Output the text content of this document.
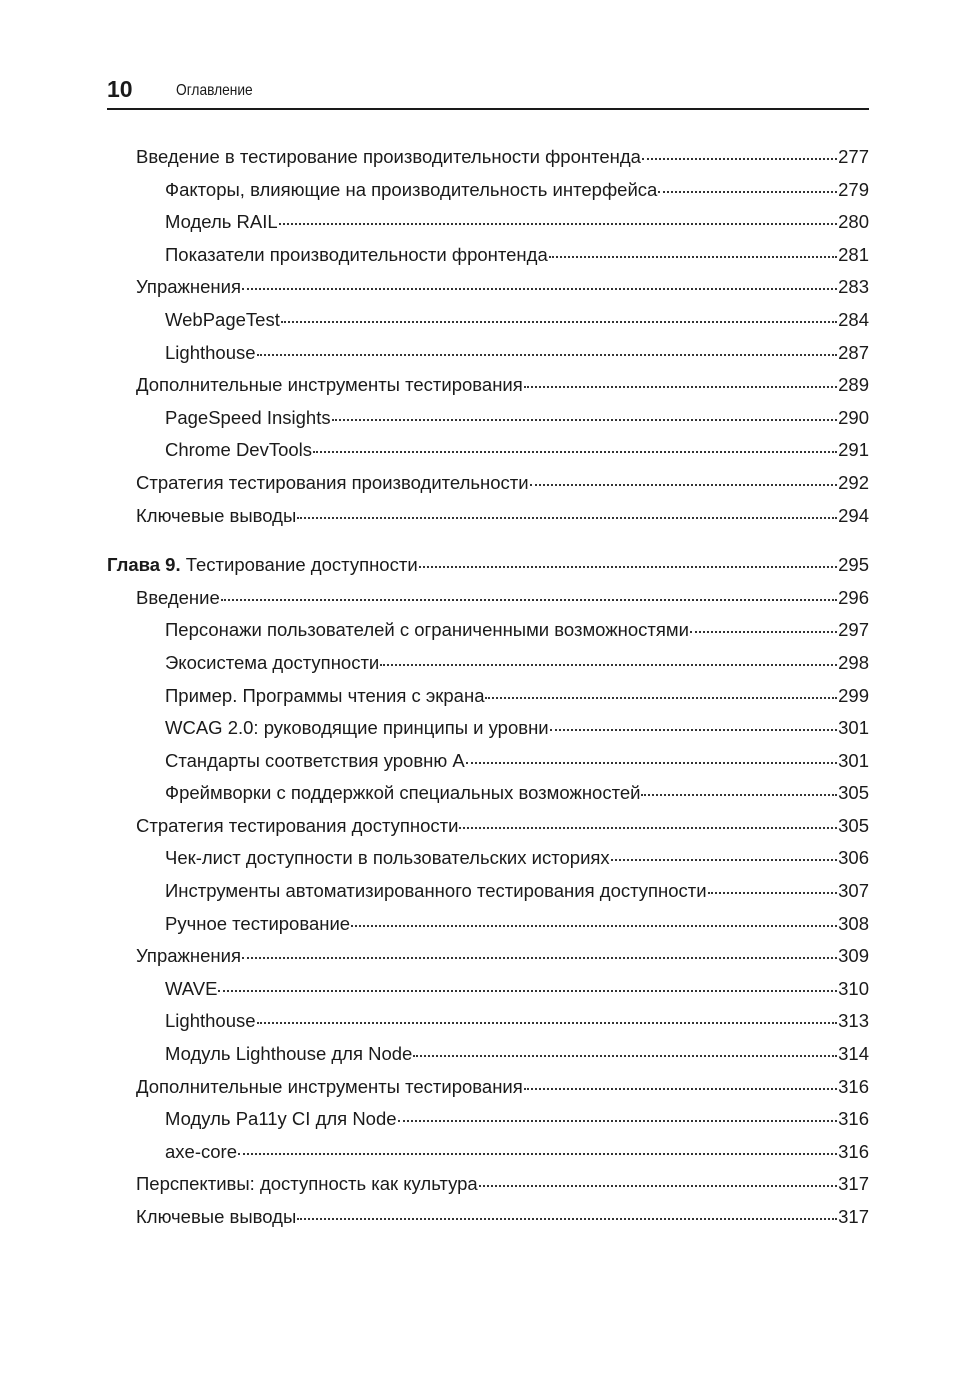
10	Оглавление
Введение в тестирование производительности фронтенда	277
Факторы, влияющие на производительность интерфейса	279
Модель RAIL	280
Показатели производительности фронтенда	281
Упражнения	283
WebPageTest	284
Lighthouse	287
Дополнительные инструменты тестирования	289
PageSpeed Insights	290
Chrome DevTools	291
Стратегия тестирования производительности	292
Ключевые выводы	294
Глава 9. Тестирование доступности	295
Введение	296
Персонажи пользователей с ограниченными возможностями	297
Экосистема доступности	298
Пример. Программы чтения с экрана	299
WCAG 2.0: руководящие принципы и уровни	301
Стандарты соответствия уровню А	301
Фреймворки с поддержкой специальных возможностей	305
Стратегия тестирования доступности	305
Чек-лист доступности в пользовательских историях	306
Инструменты автоматизированного тестирования доступности	307
Ручное тестирование	308
Упражнения	309
WAVE	310
Lighthouse	313
Модуль Lighthouse для Node	314
Дополнительные инструменты тестирования	316
Модуль Pa11y CI для Node	316
axe-core	316
Перспективы: доступность как культура	317
Ключевые выводы	317
